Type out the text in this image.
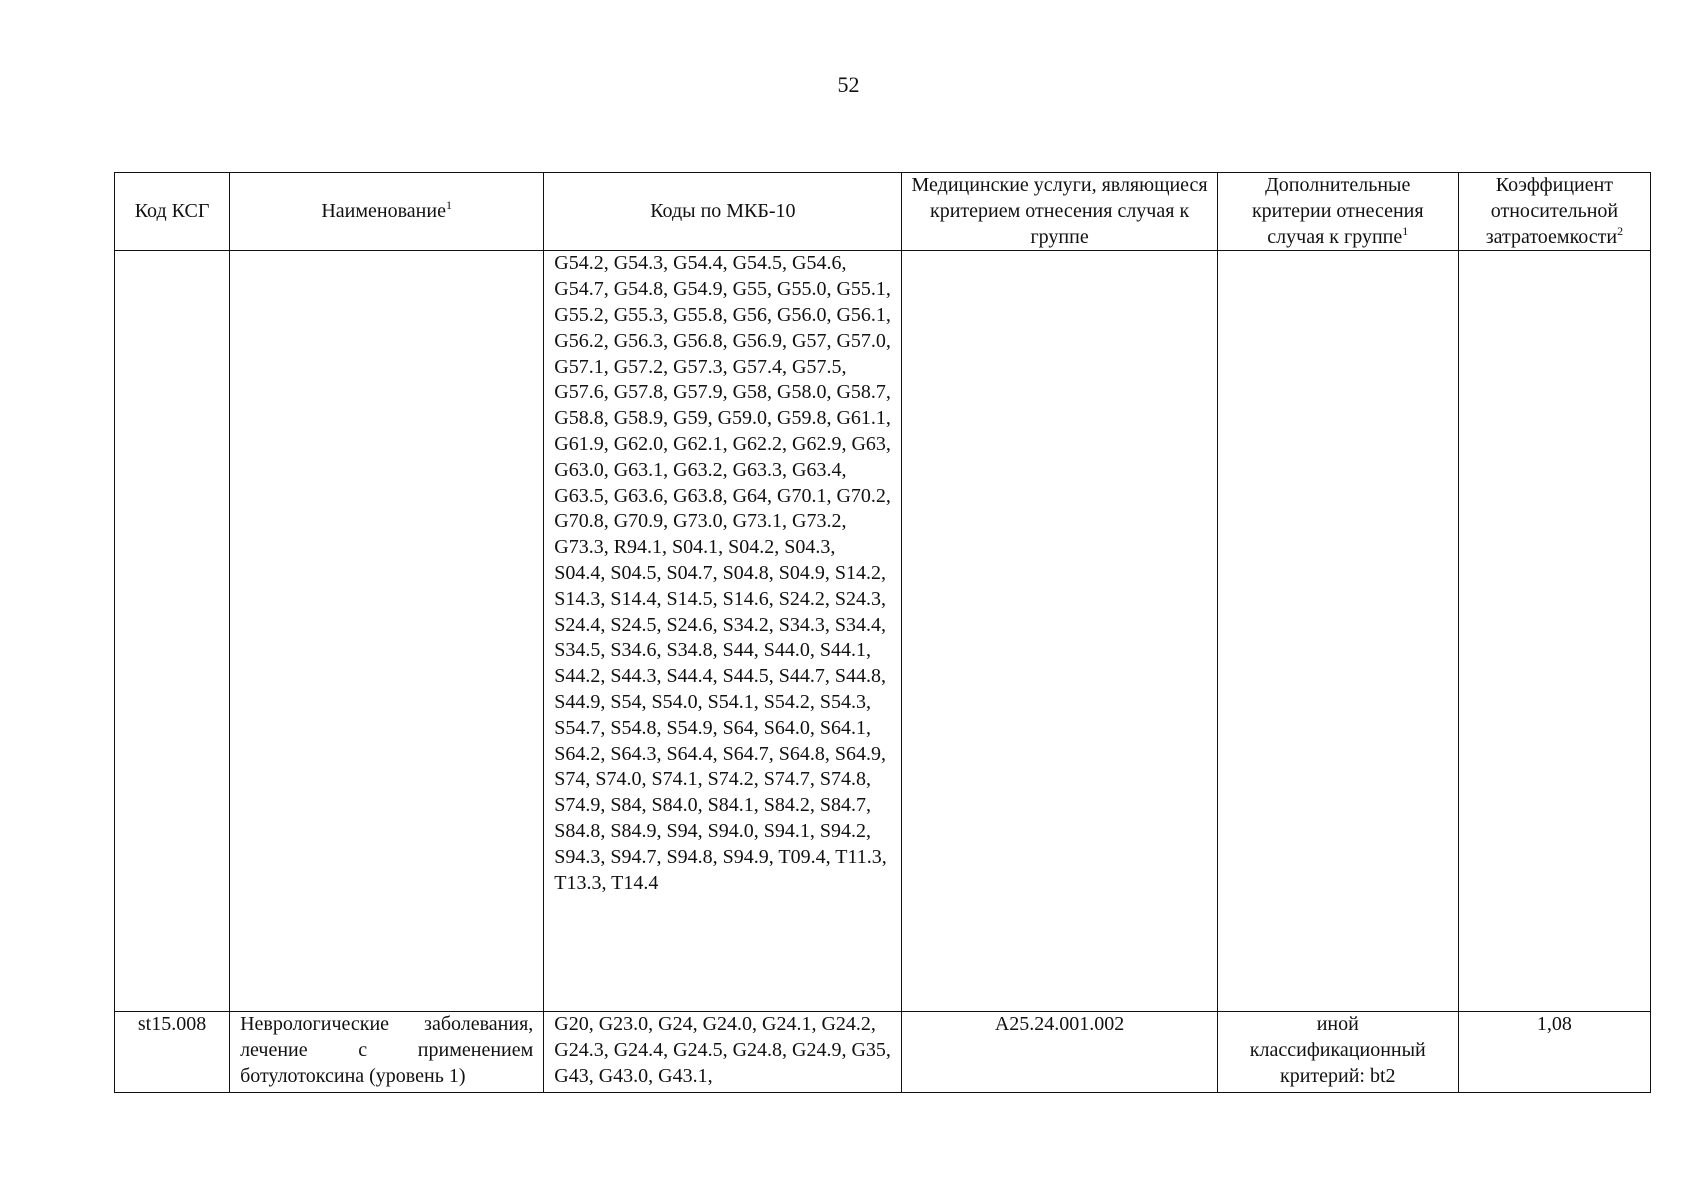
52
Код КСГ	Наименование$^1$	Коды по МКБ-10	Медицинские услуги, являющиеся критерием отнесения случая к группе	Дополнительные критерии отнесения случая к группе$^1$	Коэффициент относительной затратоемкости$^2$
		G54.2, G54.3, G54.4, G54.5, G54.6, G54.7, G54.8, G54.9, G55, G55.0, G55.1, G55.2, G55.3, G55.8, G56, G56.0, G56.1, G56.2, G56.3, G56.8, G56.9, G57, G57.0, G57.1, G57.2, G57.3, G57.4, G57.5, G57.6, G57.8, G57.9, G58, G58.0, G58.7, G58.8, G58.9, G59, G59.0, G59.8, G61.1, G61.9, G62.0, G62.1, G62.2, G62.9, G63, G63.0, G63.1, G63.2, G63.3, G63.4, G63.5, G63.6, G63.8, G64, G70.1, G70.2, G70.8, G70.9, G73.0, G73.1, G73.2, G73.3, R94.1, S04.1, S04.2, S04.3, S04.4, S04.5, S04.7, S04.8, S04.9, S14.2, S14.3, S14.4, S14.5, S14.6, S24.2, S24.3, S24.4, S24.5, S24.6, S34.2, S34.3, S34.4, S34.5, S34.6, S34.8, S44, S44.0, S44.1, S44.2, S44.3, S44.4, S44.5, S44.7, S44.8, S44.9, S54, S54.0, S54.1, S54.2, S54.3, S54.7, S54.8, S54.9, S64, S64.0, S64.1, S64.2, S64.3, S64.4, S64.7, S64.8, S64.9, S74, S74.0, S74.1, S74.2, S74.7, S74.8, S74.9, S84, S84.0, S84.1, S84.2, S84.7, S84.8, S84.9, S94, S94.0, S94.1, S94.2, S94.3, S94.7, S94.8, S94.9, T09.4, T11.3, T13.3, T14.4			
st15.008	Неврологические заболевания, лечение с применением ботулотоксина (уровень 1)	G20, G23.0, G24, G24.0, G24.1, G24.2, G24.3, G24.4, G24.5, G24.8, G24.9, G35, G43, G43.0, G43.1,	A25.24.001.002	иной классификационный критерий: bt2	1,08
